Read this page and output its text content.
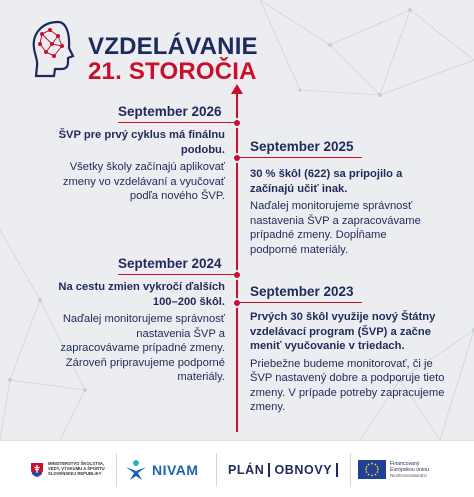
VZDELÁVANIE
21. STOROČIA
September 2026
ŠVP pre prvý cyklus má finálnu podobu.
Všetky školy začínajú aplikovať zmeny vo vzdelávaní a vyučovať podľa nového ŠVP.
September 2025
30 % škôl (622) sa pripojilo a začínajú učiť inak.
Naďalej monitorujeme správnosť nastavenia ŠVP a zapracovávame prípadné zmeny. Dopĺňame podporné materiály.
September 2024
Na cestu zmien vykročí ďalších 100–200 škôl.
Naďalej monitorujeme správnosť nastavenia ŠVP a zapracovávame prípadné zmeny. Zároveň pripravujeme podporné materiály.
September 2023
Prvých 30 škôl využije nový Štátny vzdelávací program (ŠVP) a začne meniť vyučovanie v triedach.
Priebežne budeme monitorovať, či je ŠVP nastavený dobre a podporuje tieto zmeny. V prípade potreby zapracujeme zmeny.
MINISTERSTVO ŠKOLSTVA, VEDY, VÝSKUMU A ŠPORTU SLOVENSKEJ REPUBLIKY	NIVAM PLÁN OBNOVY	Financovaný
Európskou úniou
NextGenerationEU
